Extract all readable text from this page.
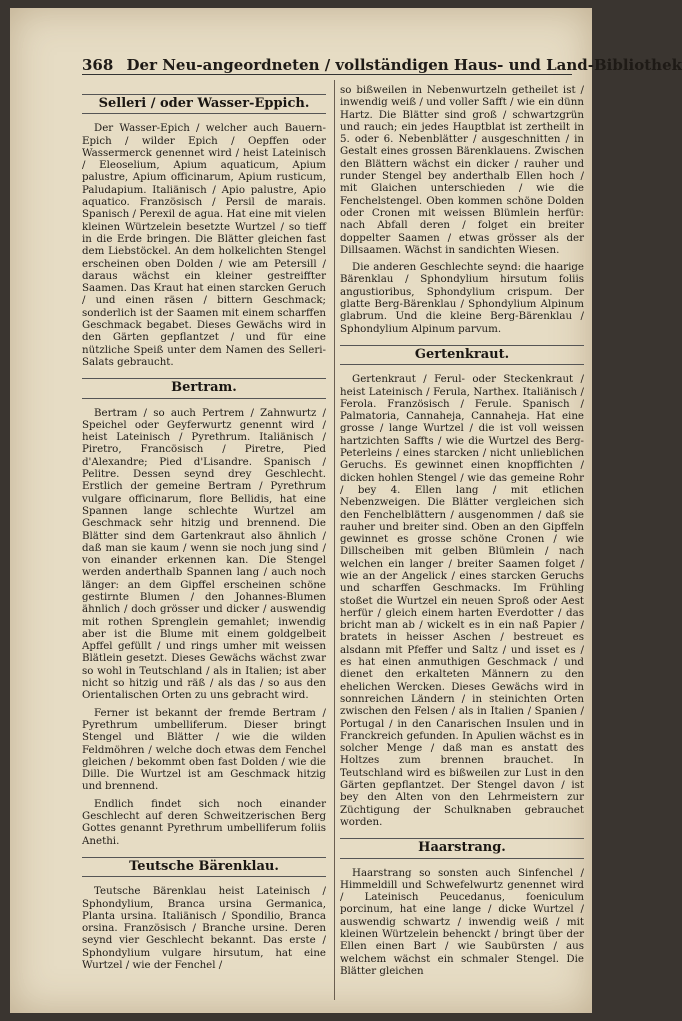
368 Der Neu-angeordneten / vollständigen Haus- und Land-Bibliothek
Selleri / oder Wasser-Eppich.

Der Wasser-Epich / welcher auch Bauern-Epich / wilder Epich / Oepffen oder Wassermerck genennet wird / heist Lateinisch / Eleoselium, Apium aquaticum, Apium palustre, Apium officinarum, Apium rusticum, Paludapium. Italiänisch / Apio palustre, Apio aquatico. Französisch / Persil de marais. Spanisch / Perexil de agua. Hat eine mit vielen kleinen Würtzelein besetzte Wurtzel / so tieff in die Erde bringen. Die Blätter gleichen fast dem Liebstöckel. An dem holkelichten Stengel erscheinen oben Dolden / wie am Petersill / daraus wächst ein kleiner gestreiffter Saamen. Das Kraut hat einen starcken Geruch / und einen räsen / bittern Geschmack; sonderlich ist der Saamen mit einem scharffen Geschmack begabet. Dieses Gewächs wird in den Gärten gepflantzet / und für eine nützliche Speiß unter dem Namen des Selleri-Salats gebraucht.

Bertram.

Bertram / so auch Pertrem / Zahnwurtz / Speichel oder Geyferwurtz genennt wird / heist Lateinisch / Pyrethrum. Italiänisch / Piretro, Francösisch / Piretre, Pied d'Alexandre; Pied d'Lisandre. Spanisch / Pelitre. Dessen seynd drey Geschlecht. Erstlich der gemeine Bertram / Pyrethrum vulgare officinarum, flore Bellidis, hat eine Spannen lange schlechte Wurtzel am Geschmack sehr hitzig und brennend. Die Blätter sind dem Gartenkraut also ähnlich / daß man sie kaum / wenn sie noch jung sind / von einander erkennen kan. Die Stengel werden anderthalb Spannen lang / auch noch länger: an dem Gipffel erscheinen schöne gestirnte Blumen / den Johannes-Blumen ähnlich / doch grösser und dicker / auswendig mit rothen Sprenglein gemahlet; inwendig aber ist die Blume mit einem goldgelbeit Apffel gefüllt / und rings umher mit weissen Blätlein gesetzt. Dieses Gewächs wächst zwar so wohl in Teutschland / als in Italien; ist aber nicht so hitzig und räß / als das / so aus den Orientalischen Orten zu uns gebracht wird.

Ferner ist bekannt der fremde Bertram / Pyrethrum umbelliferum. Dieser bringt Stengel und Blätter / wie die wilden Feldmöhren / welche doch etwas dem Fenchel gleichen / bekommt oben fast Dolden / wie die Dille. Die Wurtzel ist am Geschmack hitzig und brennend.

Endlich findet sich noch einander Geschlecht auf deren Schweitzerischen Berg Gottes genannt Pyrethrum umbelliferum foliis Anethi.

Teutsche Bärenklau.

Teutsche Bärenklau heist Lateinisch / Sphondylium, Branca ursina Germanica, Planta ursina. Italiänisch / Spondilio, Branca orsina. Französisch / Branche ursine. Deren seynd vier Geschlecht bekannt. Das erste / Sphondylium vulgare hirsutum, hat eine Wurtzel / wie der Fenchel /

so bißweilen in Nebenwurtzeln getheilet ist / inwendig weiß / und voller Safft / wie ein dünn Hartz. Die Blätter sind groß / schwartzgrün und rauch; ein jedes Hauptblat ist zertheilt in 5. oder 6. Nebenblätter / ausgeschnitten / in Gestalt eines grossen Bärenklauens. Zwischen den Blättern wächst ein dicker / rauher und runder Stengel bey anderthalb Ellen hoch / mit Glaichen unterschieden / wie die Fenchelstengel. Oben kommen schöne Dolden oder Cronen mit weissen Blümlein herfür: nach Abfall deren / folget ein breiter doppelter Saamen / etwas grösser als der Dillsaamen. Wächst in sandichten Wiesen.

Die anderen Geschlechte seynd: die haarige Bärenklau / Sphondylium hirsutum foliis angustioribus, Sphondylium crispum. Der glatte Berg-Bärenklau / Sphondylium Alpinum glabrum. Und die kleine Berg-Bärenklau / Sphondylium Alpinum parvum.

Gertenkraut.

Gertenkraut / Ferul- oder Steckenkraut / heist Lateinisch / Ferula, Narthex. Italiänisch / Ferola. Französisch / Ferule. Spanisch / Palmatoria, Cannaheja, Cannaheja. Hat eine grosse / lange Wurtzel / die ist voll weissen hartzichten Saffts / wie die Wurtzel des Berg-Peterleins / eines starcken / nicht unlieblichen Geruchs. Es gewinnet einen knopffichten / dicken hohlen Stengel / wie das gemeine Rohr / bey 4. Ellen lang / mit etlichen Nebenzweigen. Die Blätter vergleichen sich den Fenchelblättern / ausgenommen / daß sie rauher und breiter sind. Oben an den Gipffeln gewinnet es grosse schöne Cronen / wie Dillscheiben mit gelben Blümlein / nach welchen ein langer / breiter Saamen folget / wie an der Angelick / eines starcken Geruchs und scharffen Geschmacks. Im Frühling stoßet die Wurtzel ein neuen Sproß oder Aest herfür / gleich einem harten Everdotter / das bricht man ab / wickelt es in ein naß Papier / bratets in heisser Aschen / bestreuet es alsdann mit Pfeffer und Saltz / und isset es / es hat einen anmuthigen Geschmack / und dienet den erkalteten Männern zu den ehelichen Wercken. Dieses Gewächs wird in sonnreichen Ländern / in steinichten Orten zwischen den Felsen / als in Italien / Spanien / Portugal / in den Canarischen Insulen und in Franckreich gefunden. In Apulien wächst es in solcher Menge / daß man es anstatt des Holtzes zum brennen brauchet. In Teutschland wird es bißweilen zur Lust in den Gärten gepflantzet. Der Stengel davon / ist bey den Alten von den Lehrmeistern zur Züchtigung der Schulknaben gebrauchet worden.

Haarstrang.

Haarstrang so sonsten auch Sinfenchel / Himmeldill und Schwefelwurtz genennet wird / Lateinisch Peucedanus, foeniculum porcinum, hat eine lange / dicke Wurtzel / auswendig schwartz / inwendig weiß / mit kleinen Würtzelein behenckt / bringt über der Ellen einen Bart / wie Saubürsten / aus welchem wächst ein schmaler Stengel. Die Blätter gleichen
